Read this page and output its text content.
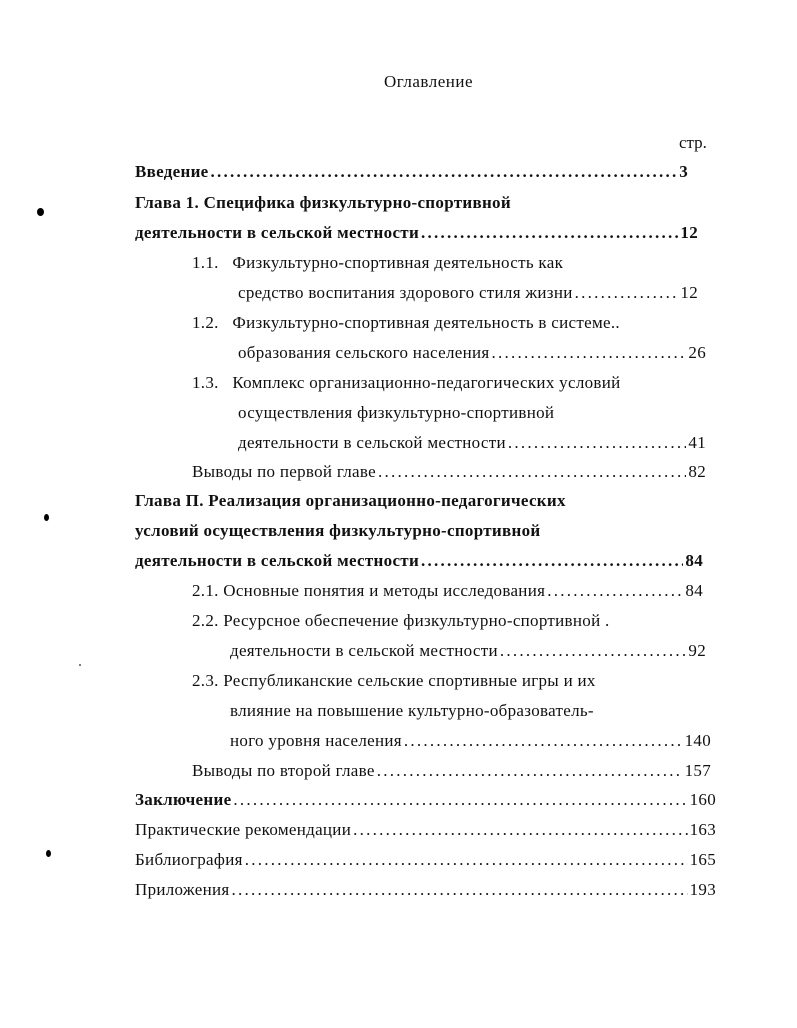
Оглавление
стр.
Введение . . .	3
Глава 1. Специфика физкультурно-спортивной
деятельности в сельской местности . . .	12
1.1. Физкультурно-спортивная деятельность как
средство воспитания здорового стиля жизни . . .	12
1.2. Физкультурно-спортивная деятельность в системе..
образования сельского населения . . .	26
1.3. Комплекс организационно-педагогических условий
осуществления физкультурно-спортивной
деятельности в сельской местности . . .	41
Выводы по первой главе . . .	82
Глава П. Реализация организационно-педагогических
условий осуществления физкультурно-спортивной
деятельности в сельской местности . . .	84
2.1. Основные понятия и методы исследования . . .	84
2.2. Ресурсное обеспечение физкультурно-спортивной .
деятельности в сельской местности . . .	92
2.3. Республиканские сельские спортивные игры и их
влияние на повышение культурно-образователь-
ного уровня населения . . .	140
Выводы по второй главе . . .	157
Заключение . . .	160
Практические рекомендации . . .	163
Библиография . . .	165
Приложения . . .	193
